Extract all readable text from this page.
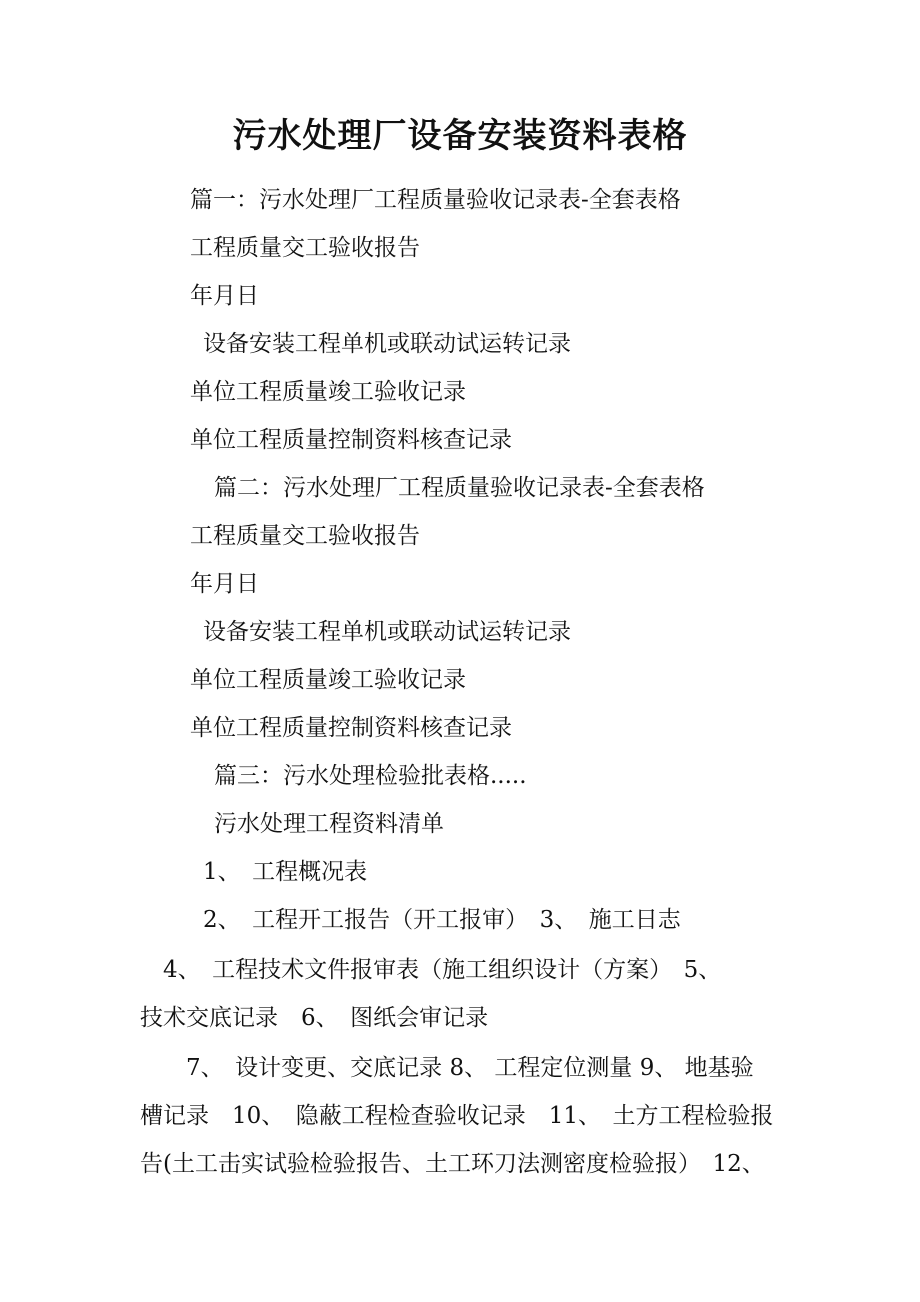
污水处理厂设备安装资料表格
篇一：污水处理厂工程质量验收记录表-全套表格
工程质量交工验收报告
年月日
设备安装工程单机或联动试运转记录
单位工程质量竣工验收记录
单位工程质量控制资料核查记录
篇二：污水处理厂工程质量验收记录表-全套表格
工程质量交工验收报告
年月日
设备安装工程单机或联动试运转记录
单位工程质量竣工验收记录
单位工程质量控制资料核查记录
篇三：污水处理检验批表格.....
污水处理工程资料清单
1、　工程概况表
2、　工程开工报告（开工报审）　3、　施工日志
　4、　工程技术文件报审表（施工组织设计（方案）　5、
技术交底记录　6、　图纸会审记录
　　7、　设计变更、交底记录 8、 工程定位测量 9、 地基验
槽记录　10、　隐蔽工程检查验收记录　11、　土方工程检验报
告(土工击实试验检验报告、土工环刀法测密度检验报）　12、
